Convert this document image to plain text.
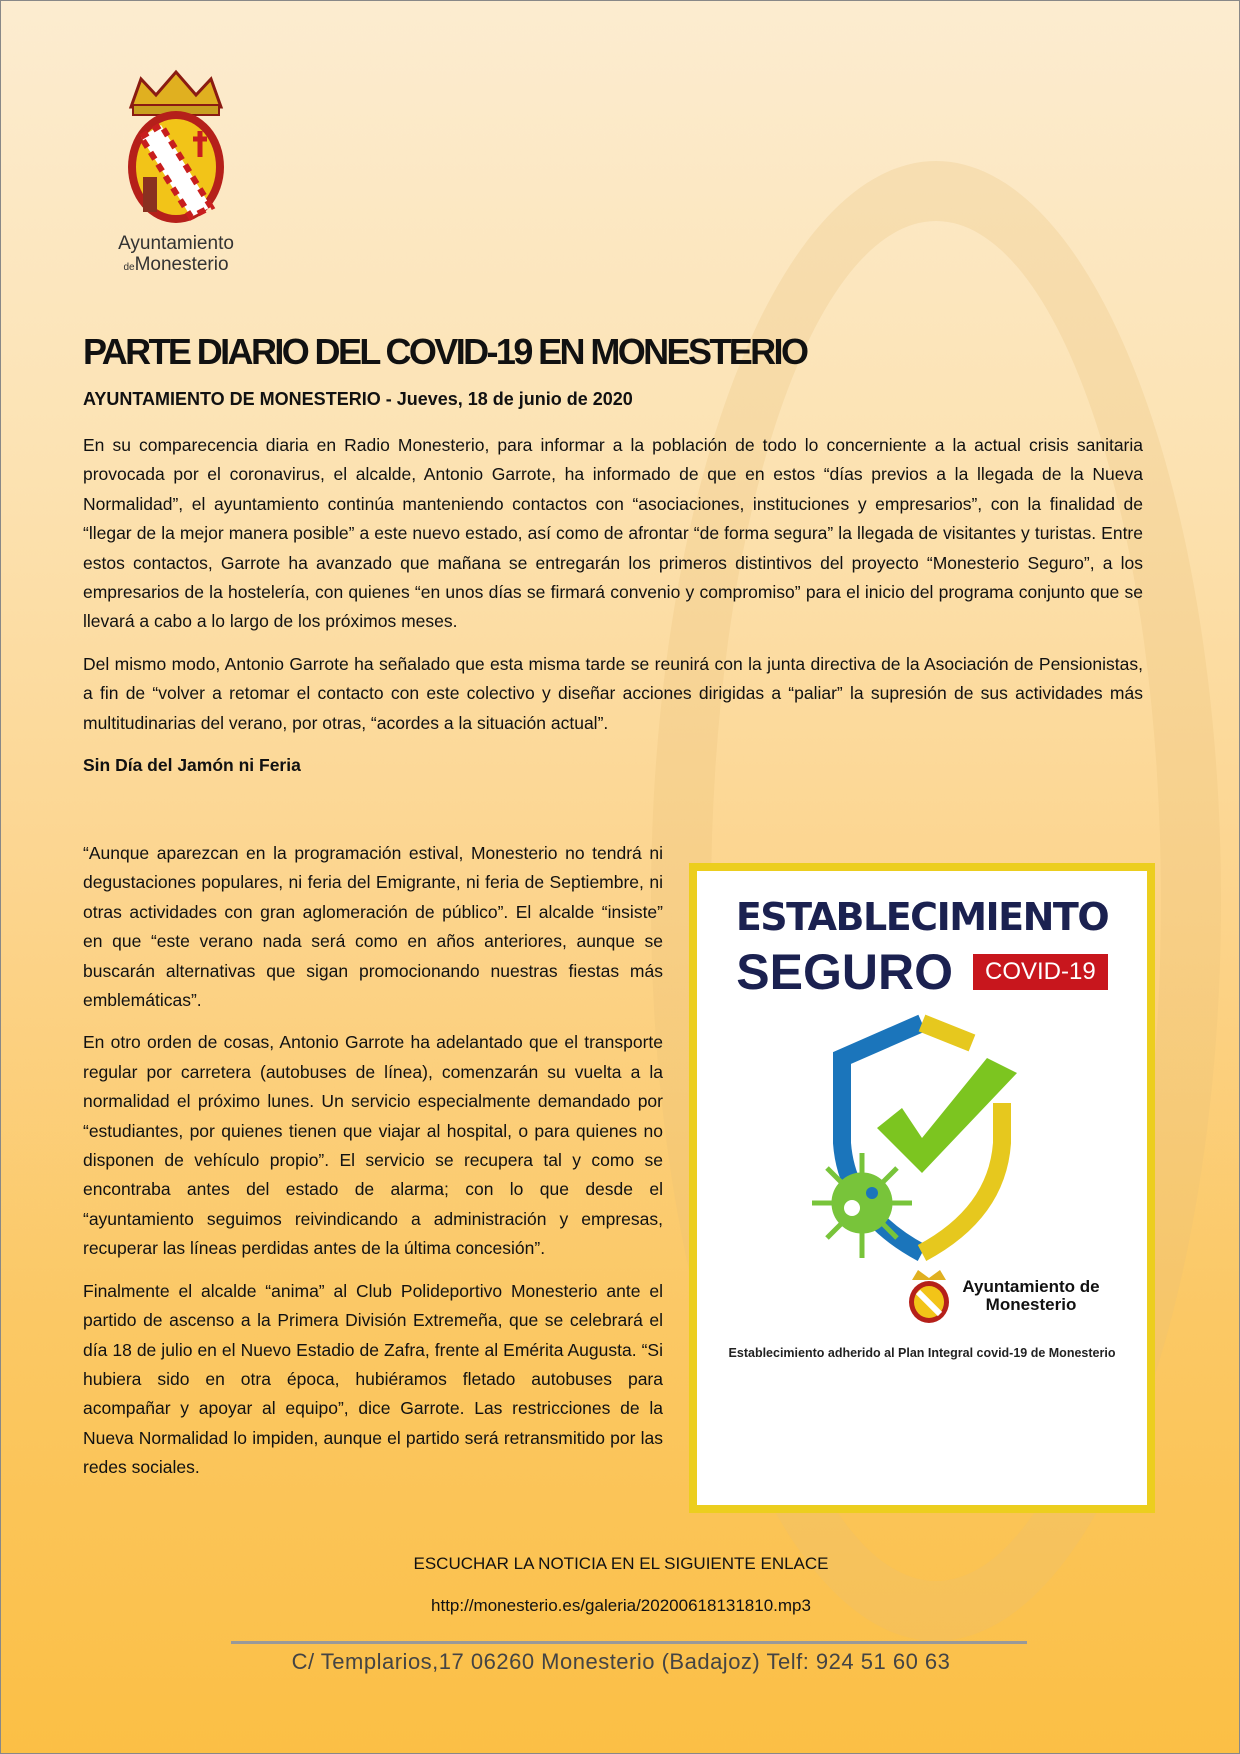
Ayuntamiento
deMonesterio
PARTE DIARIO DEL COVID-19 EN MONESTERIO
AYUNTAMIENTO DE MONESTERIO - Jueves, 18 de junio de 2020

En su comparecencia diaria en Radio Monesterio, para informar a la población de todo lo concerniente a la actual crisis sanitaria provocada por el coronavirus, el alcalde, Antonio Garrote, ha informado de que en estos “días previos a la llegada de la Nueva Normalidad”, el ayuntamiento continúa manteniendo contactos con “asociaciones, instituciones y empresarios”, con la finalidad de “llegar de la mejor manera posible” a este nuevo estado, así como de afrontar “de forma segura” la llegada de visitantes y turistas. Entre estos contactos, Garrote ha avanzado que mañana se entregarán los primeros distintivos del proyecto “Monesterio Seguro”, a los empresarios de la hostelería, con quienes “en unos días se firmará convenio y compromiso” para el inicio del programa conjunto que se llevará a cabo a lo largo de los próximos meses.

Del mismo modo, Antonio Garrote ha señalado que esta misma tarde se reunirá con la junta directiva de la Asociación de Pensionistas, a fin de “volver a retomar el contacto con este colectivo y diseñar acciones dirigidas a “paliar” la supresión de sus actividades más multitudinarias del verano, por otras, “acordes a la situación actual”.

Sin Día del Jamón ni Feria

“Aunque aparezcan en la programación estival, Monesterio no tendrá ni degustaciones populares, ni feria del Emigrante, ni feria de Septiembre, ni otras actividades con gran aglomeración de público”. El alcalde “insiste” en que “este verano nada será como en años anteriores, aunque se buscarán alternativas que sigan promocionando nuestras fiestas más emblemáticas”.

En otro orden de cosas, Antonio Garrote ha adelantado que el transporte regular por carretera (autobuses de línea), comenzarán su vuelta a la normalidad el próximo lunes. Un servicio especialmente demandado por “estudiantes, por quienes tienen que viajar al hospital, o para quienes no disponen de vehículo propio”. El servicio se recupera tal y como se encontraba antes del estado de alarma; con lo que desde el “ayuntamiento seguimos reivindicando a administración y empresas, recuperar las líneas perdidas antes de la última concesión”.

Finalmente el alcalde “anima” al Club Polideportivo Monesterio ante el partido de ascenso a la Primera División Extremeña, que se celebrará el día 18 de julio en el Nuevo Estadio de Zafra, frente al Emérita Augusta. “Si hubiera sido en otra época, hubiéramos fletado autobuses para acompañar y apoyar al equipo”, dice Garrote. Las restricciones de la Nueva Normalidad lo impiden, aunque el partido será retransmitido por las redes sociales.

ESTABLECIMIENTO
SEGURO	COVID-19
Ayuntamiento de
Monesterio
Establecimiento adherido al Plan Integral covid-19 de Monesterio
ESCUCHAR LA NOTICIA EN EL SIGUIENTE ENLACE
http://monesterio.es/galeria/20200618131810.mp3
C/ Templarios,17 06260 Monesterio (Badajoz) Telf: 924 51 60 63
